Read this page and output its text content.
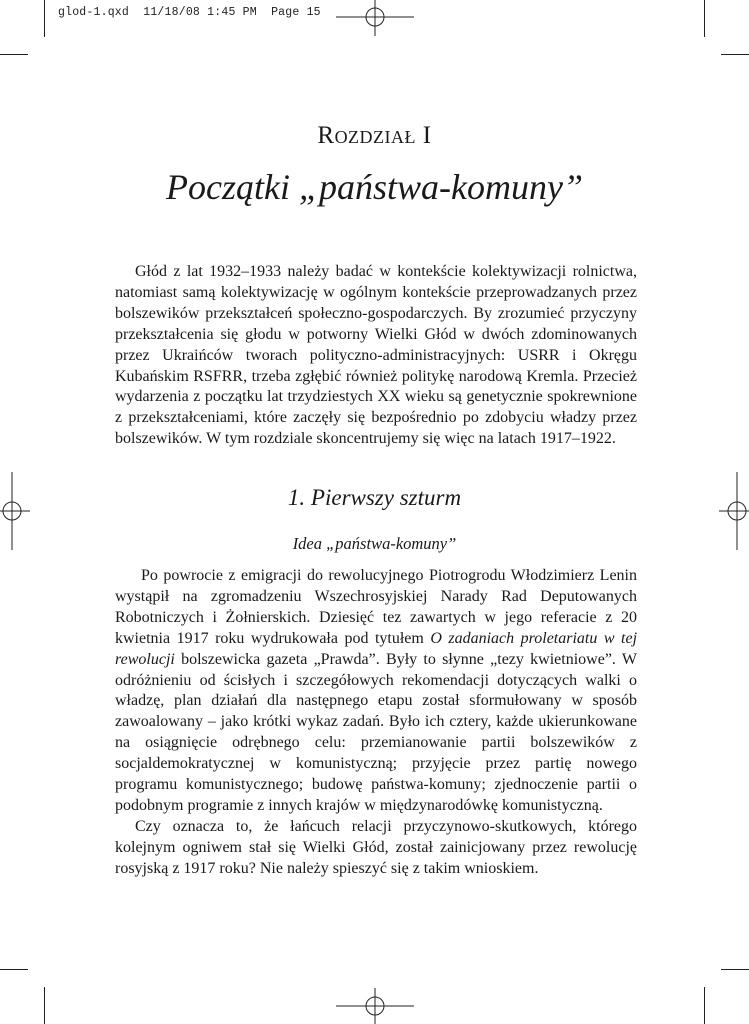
glod-1.qxd 11/18/08 1:45 PM Page 15
ROZDZIAŁ I
Początki „państwa-komuny”

Głód z lat 1932–1933 należy badać w kontekście kolektywizacji rolnictwa, natomiast samą kolektywizację w ogólnym kontekście przeprowadzanych przez bolszewików przekształceń społeczno-gospodarczych. By zrozumieć przyczyny przekształcenia się głodu w potworny Wielki Głód w dwóch zdominowanych przez Ukraińców tworach polityczno-administracyjnych: USRR i Okręgu Kubańskim RSFRR, trzeba zgłębić również politykę narodową Kremla. Przecież wydarzenia z początku lat trzydziestych XX wieku są genetycznie spokrewnione z przekształceniami, które zaczęły się bezpośrednio po zdobyciu władzy przez bolszewików. W tym rozdziale skoncentrujemy się więc na latach 1917–1922.

1. Pierwszy szturm
Idea „państwa-komuny”

Po powrocie z emigracji do rewolucyjnego Piotrogrodu Włodzimierz Lenin wystąpił na zgromadzeniu Wszechrosyjskiej Narady Rad Deputowanych Robotniczych i Żołnierskich. Dziesięć tez zawartych w jego referacie z 20 kwietnia 1917 roku wydrukowała pod tytułem O zadaniach proletariatu w tej rewolucji bolszewicka gazeta „Prawda”. Były to słynne „tezy kwietniowe”. W odróżnieniu od ścisłych i szczegółowych rekomendacji dotyczących walki o władzę, plan działań dla następnego etapu został sformułowany w sposób zawoalowany – jako krótki wykaz zadań. Było ich cztery, każde ukierunkowane na osiągnięcie odrębnego celu: przemianowanie partii bolszewików z socjaldemokratycznej w komunistyczną; przyjęcie przez partię nowego programu komunistycznego; budowę państwa-komuny; zjednoczenie partii o podobnym programie z innych krajów w międzynarodówkę komunistyczną.

Czy oznacza to, że łańcuch relacji przyczynowo-skutkowych, którego kolejnym ogniwem stał się Wielki Głód, został zainicjowany przez rewolucję rosyjską z 1917 roku? Nie należy spieszyć się z takim wnioskiem.
